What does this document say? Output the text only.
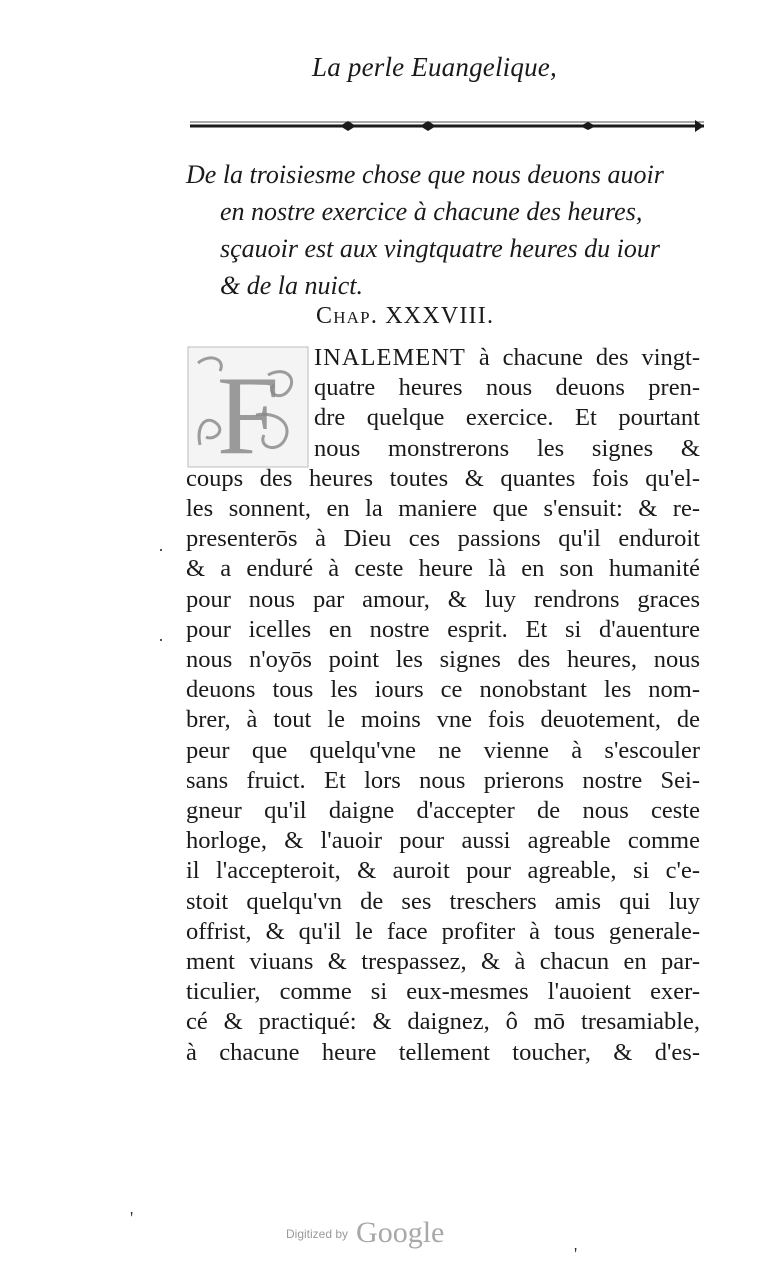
La perle Euangelique,
De la troisiesme chose que nous deuons auoir
en nostre exercice à chacune des heures,
sçauoir est aux vingtquatre heures du iour
& de la nuict.
Chap. XXXVIII.
F	INALEMENT à chacune des vingt-
quatre heures nous deuons pren-
dre quelque exercice. Et pourtant
nous monstrerons les signes &
coups des heures toutes & quantes fois qu'el-
les sonnent, en la maniere que s'ensuit: & re-
presenterōs à Dieu ces passions qu'il enduroit
& a enduré à ceste heure là en son humanité
pour nous par amour, & luy rendrons graces
pour icelles en nostre esprit. Et si d'auenture
nous n'oyōs point les signes des heures, nous
deuons tous les iours ce nonobstant les nom-
brer, à tout le moins vne fois deuotement, de
peur que quelqu'vne ne vienne à s'escouler
sans fruict. Et lors nous prierons nostre Sei-
gneur qu'il daigne d'accepter de nous ceste
horloge, & l'auoir pour aussi agreable comme
il l'accepteroit, & auroit pour agreable, si c'e-
stoit quelqu'vn de ses treschers amis qui luy
offrist, & qu'il le face profiter à tous generale-
ment viuans & trespassez, & à chacun en par-
ticulier, comme si eux-mesmes l'auoient exer-
cé & practiqué: & daignez, ô mō tresamiable,
à chacune heure tellement toucher, & d'es-
·
·
'
'
$^{Digitized by}$ Google
